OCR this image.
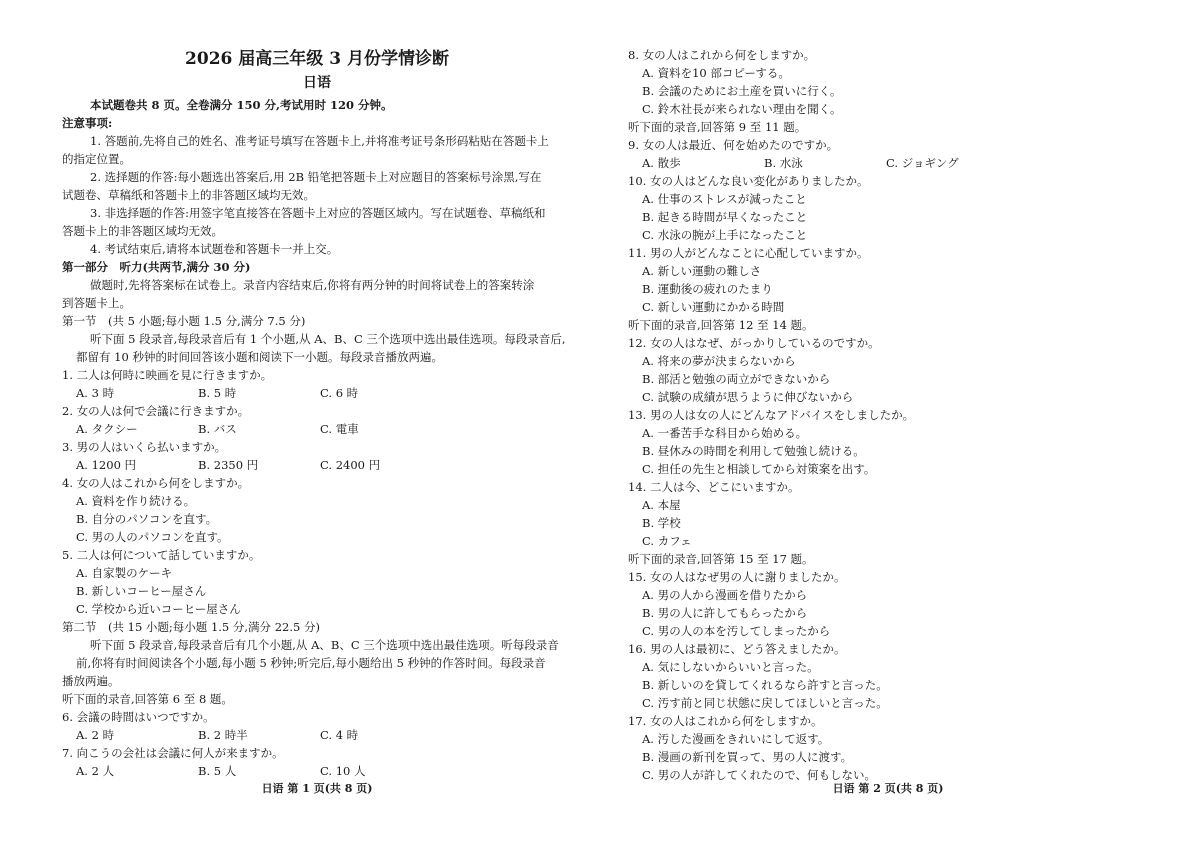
2026 届高三年级 3 月份学情诊断
日语
本试题卷共 8 页。全卷满分 150 分,考试用时 120 分钟。
注意事项:
1. 答题前,先将自己的姓名、准考证号填写在答题卡上,并将准考证号条形码粘贴在答题卡上
的指定位置。
2. 选择题的作答:每小题选出答案后,用 2B 铅笔把答题卡上对应题目的答案标号涂黑,写在
试题卷、草稿纸和答题卡上的非答题区域均无效。
3. 非选择题的作答:用签字笔直接答在答题卡上对应的答题区域内。写在试题卷、草稿纸和
答题卡上的非答题区域均无效。
4. 考试结束后,请将本试题卷和答题卡一并上交。
第一部分　听力(共两节,满分 30 分)
做题时,先将答案标在试卷上。录音内容结束后,你将有两分钟的时间将试卷上的答案转涂
到答题卡上。
第一节　(共 5 小题;每小题 1.5 分,满分 7.5 分)
听下面 5 段录音,每段录音后有 1 个小题,从 A、B、C 三个选项中选出最佳选项。每段录音后,
都留有 10 秒钟的时间回答该小题和阅读下一小题。每段录音播放两遍。
1. 二人は何時に映画を見に行きますか。
A. 3 時	B. 5 時	C. 6 時
2. 女の人は何で会議に行きますか。
A. タクシー	B. バス	C. 電車
3. 男の人はいくら払いますか。
A. 1200 円	B. 2350 円	C. 2400 円
4. 女の人はこれから何をしますか。
A. 資料を作り続ける。
B. 自分のパソコンを直す。
C. 男の人のパソコンを直す。
5. 二人は何について話していますか。
A. 自家製のケーキ
B. 新しいコーヒー屋さん
C. 学校から近いコーヒー屋さん
第二节　(共 15 小题;每小题 1.5 分,满分 22.5 分)
听下面 5 段录音,每段录音后有几个小题,从 A、B、C 三个选项中选出最佳选项。听每段录音
前,你将有时间阅读各个小题,每小题 5 秒钟;听完后,每小题给出 5 秒钟的作答时间。每段录音
播放两遍。
听下面的录音,回答第 6 至 8 题。
6. 会議の時間はいつですか。
A. 2 時	B. 2 時半	C. 4 時
7. 向こうの会社は会議に何人が来ますか。
A. 2 人	B. 5 人	C. 10 人
日语 第 1 页(共 8 页)
8. 女の人はこれから何をしますか。
A. 資料を10 部コピーする。
B. 会議のためにお土産を買いに行く。
C. 鈴木社長が来られない理由を聞く。
听下面的录音,回答第 9 至 11 题。
9. 女の人は最近、何を始めたのですか。
A. 散歩	B. 水泳	C. ジョギング
10. 女の人はどんな良い変化がありましたか。
A. 仕事のストレスが減ったこと
B. 起きる時間が早くなったこと
C. 水泳の腕が上手になったこと
11. 男の人がどんなことに心配していますか。
A. 新しい運動の難しさ
B. 運動後の疲れのたまり
C. 新しい運動にかかる時間
听下面的录音,回答第 12 至 14 题。
12. 女の人はなぜ、がっかりしているのですか。
A. 将来の夢が決まらないから
B. 部活と勉強の両立ができないから
C. 試験の成績が思うように伸びないから
13. 男の人は女の人にどんなアドバイスをしましたか。
A. 一番苦手な科目から始める。
B. 昼休みの時間を利用して勉強し続ける。
C. 担任の先生と相談してから対策案を出す。
14. 二人は今、どこにいますか。
A. 本屋
B. 学校
C. カフェ
听下面的录音,回答第 15 至 17 题。
15. 女の人はなぜ男の人に謝りましたか。
A. 男の人から漫画を借りたから
B. 男の人に許してもらったから
C. 男の人の本を汚してしまったから
16. 男の人は最初に、どう答えましたか。
A. 気にしないからいいと言った。
B. 新しいのを貸してくれるなら許すと言った。
C. 汚す前と同じ状態に戻してほしいと言った。
17. 女の人はこれから何をしますか。
A. 汚した漫画をきれいにして返す。
B. 漫画の新刊を買って、男の人に渡す。
C. 男の人が許してくれたので、何もしない。
日语 第 2 页(共 8 页)
